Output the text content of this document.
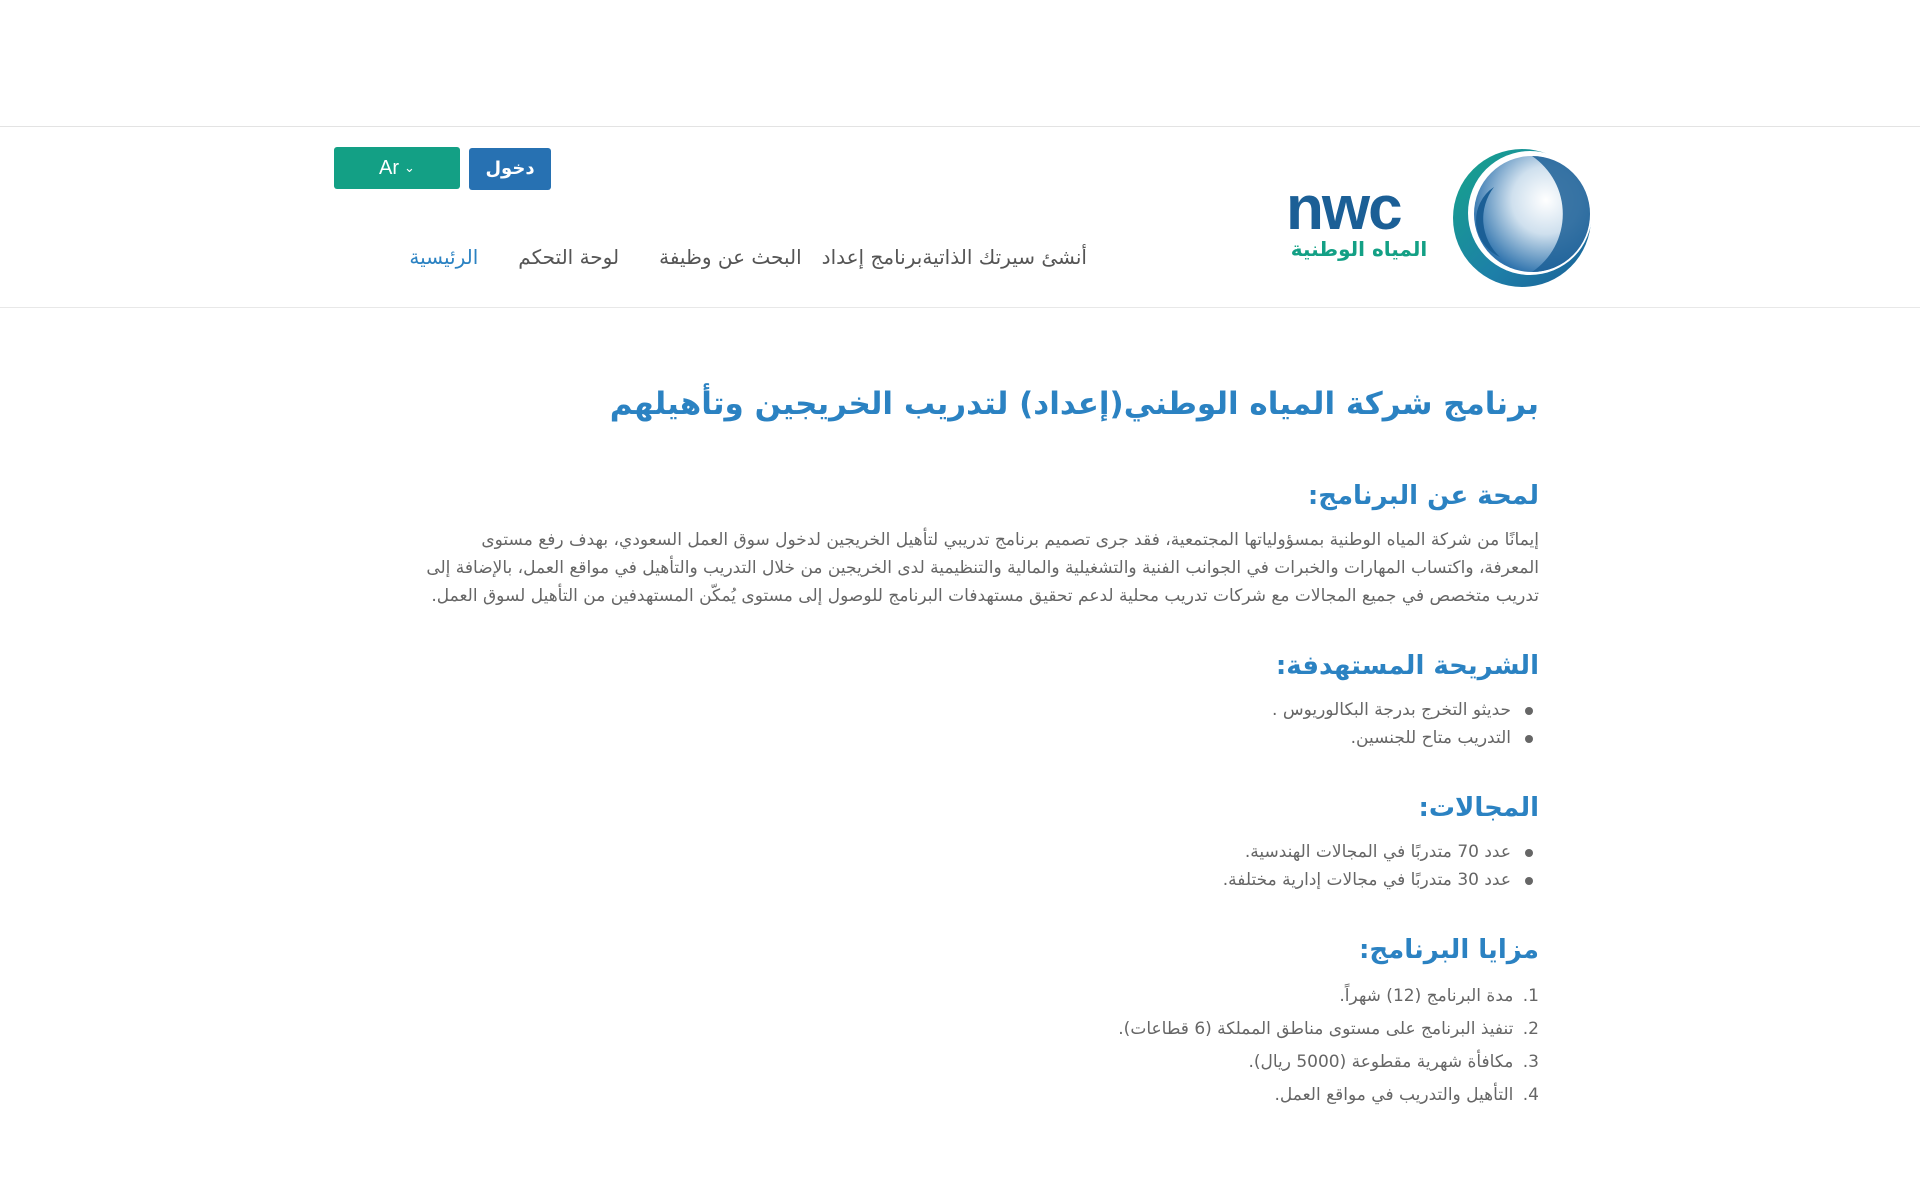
nwc
المياه الوطنية
دخول
Ar ⌄
الرئيسية لوحة التحكم البحث عن وظيفة برنامج إعداد أنشئ سيرتك الذاتية
برنامج شركة المياه الوطني(إعداد) لتدريب الخريجين وتأهيلهم
لمحة عن البرنامج:

إيمانًا من شركة المياه الوطنية بمسؤولياتها المجتمعية، فقد جرى تصميم برنامج تدريبي لتأهيل الخريجين لدخول سوق العمل السعودي، بهدف رفع مستوى المعرفة، واكتساب المهارات والخبرات في الجوانب الفنية والتشغيلية والمالية والتنظيمية لدى الخريجين من خلال التدريب والتأهيل في مواقع العمل، بالإضافة إلى تدريب متخصص في جميع المجالات مع شركات تدريب محلية لدعم تحقيق مستهدفات البرنامج للوصول إلى مستوى يُمكّن المستهدفين من التأهيل لسوق العمل.

الشريحة المستهدفة:
حديثو التخرج بدرجة البكالوريوس .
التدريب متاح للجنسين.
المجالات:
عدد 70 متدربًا في المجالات الهندسية.
عدد 30 متدربًا في مجالات إدارية مختلفة.
مزايا البرنامج:
1. مدة البرنامج (12) شهراً.
2. تنفيذ البرنامج على مستوى مناطق المملكة (6 قطاعات).
3. مكافأة شهرية مقطوعة (5000 ريال).
4. التأهيل والتدريب في مواقع العمل.
